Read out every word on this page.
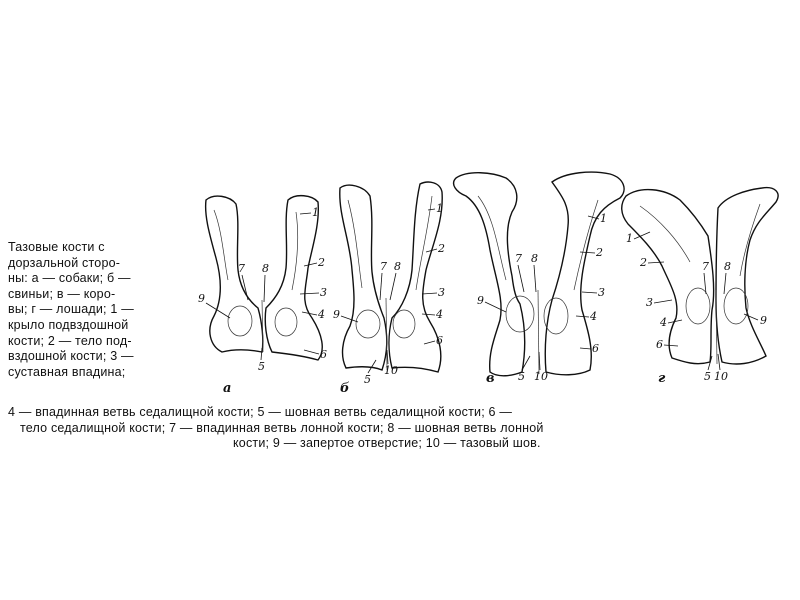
1
2
3
4
5
6
7 8
9
а
1
2
3
4
5
10
6
7 8
9
б
1
2
3
4
5 10
6
7 8
9
в
1
2
3
4
5 10
6
7 8
9
г
Тазовые кости с
дорзальной сторо-
ны: а — собаки; б —
свиньи; в — коро-
вы; г — лошади; 1 —
крыло подвздошной
кости; 2 — тело под-
вздошной кости; 3 —
суставная впадина;
4 — впадинная ветвь седалищной кости; 5 — шовная ветвь седалищной кости; 6 —
тело седалищной кости; 7 — впадинная ветвь лонной кости; 8 — шовная ветвь лонной
кости; 9 — запертое отверстие; 10 — тазовый шов.
